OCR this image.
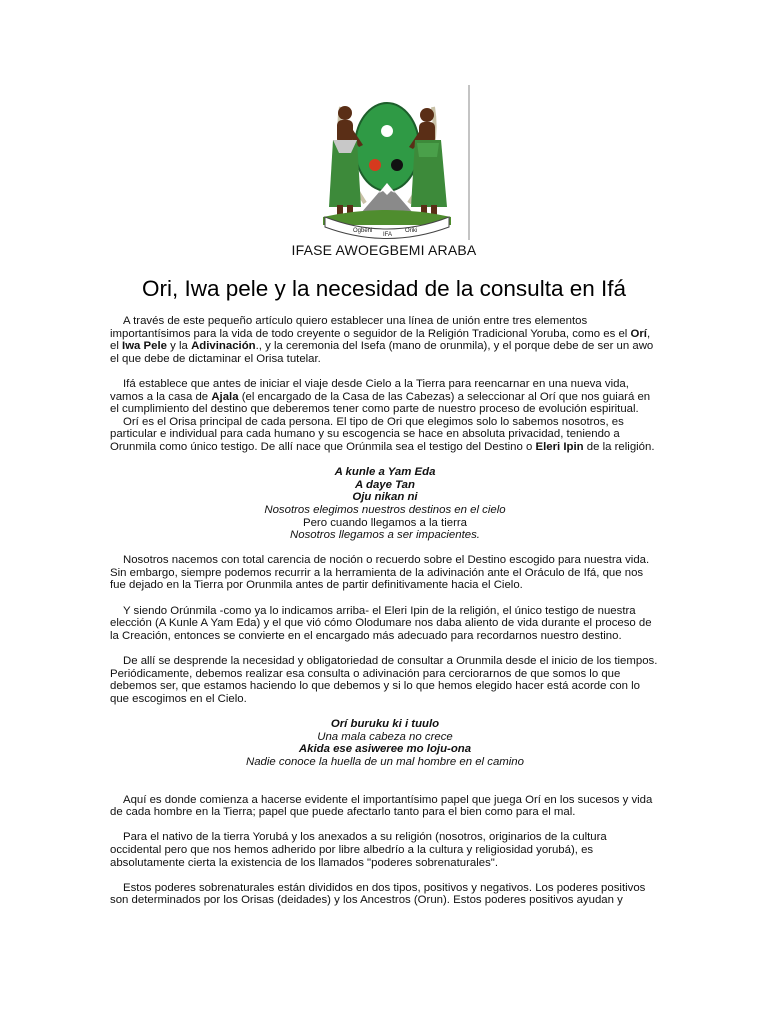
Ogbeni
IFA
Oriki
IFASE AWOEGBEMI ARABA
Ori, Iwa pele y la necesidad de la consulta en Ifá

A través de este pequeño artículo quiero establecer una línea de unión entre tres elementos importantísimos para la vida de todo creyente o seguidor de la Religión Tradicional Yoruba, como es el Orí, el Iwa Pele y la Adivinación., y la ceremonia del Isefa (mano de orunmila), y el porque debe de ser un awo el que debe de dictaminar el Orisa tutelar.

Ifá establece que antes de iniciar el viaje desde Cielo a la Tierra para reencarnar en una nueva vida, vamos a la casa de Ajala (el encargado de la Casa de las Cabezas) a seleccionar al Orí que nos guiará en el cumplimiento del destino que deberemos tener como parte de nuestro proceso de evolución espiritual.

Orí es el Orisa principal de cada persona. El tipo de Ori que elegimos solo lo sabemos nosotros, es particular e individual para cada humano y su escogencia se hace en absoluta privacidad, teniendo a Orunmila como único testigo. De allí nace que Orúnmila sea el testigo del Destino o Eleri Ipin de la religión.

A kunle a Yam Eda
A daye Tan
Oju nikan ni
Nosotros elegimos nuestros destinos en el cielo
Pero cuando llegamos a la tierra
Nosotros llegamos a ser impacientes.

Nosotros nacemos con total carencia de noción o recuerdo sobre el Destino escogido para nuestra vida. Sin embargo, siempre podemos recurrir a la herramienta de la adivinación ante el Oráculo de Ifá, que nos fue dejado en la Tierra por Orunmila antes de partir definitivamente hacia el Cielo.

Y siendo Orúnmila -como ya lo indicamos arriba- el Eleri Ipin de la religión, el único testigo de nuestra elección (A Kunle A Yam Eda) y el que vió cómo Olodumare nos daba aliento de vida durante el proceso de la Creación, entonces se convierte en el encargado más adecuado para recordarnos nuestro destino.

De allí se desprende la necesidad y obligatoriedad de consultar a Orunmila desde el inicio de los tiempos. Periódicamente, debemos realizar esa consulta o adivinación para cerciorarnos de que somos lo que debemos ser, que estamos haciendo lo que debemos y si lo que hemos elegido hacer está acorde con lo que escogimos en el Cielo.

Orí buruku ki i tuulo
Una mala cabeza no crece
Akida ese asiweree mo loju-ona
Nadie conoce la huella de un mal hombre en el camino

Aquí es donde comienza a hacerse evidente el importantísimo papel que juega Orí en los sucesos y vida de cada hombre en la Tierra; papel que puede afectarlo tanto para el bien como para el mal.

Para el nativo de la tierra Yorubá y los anexados a su religión (nosotros, originarios de la cultura occidental pero que nos hemos adherido por libre albedrío a la cultura y religiosidad yorubá), es absolutamente cierta la existencia de los llamados "poderes sobrenaturales".

Estos poderes sobrenaturales están divididos en dos tipos, positivos y negativos. Los poderes positivos son determinados por los Orisas (deidades) y los Ancestros (Orun). Estos poderes positivos ayudan y
